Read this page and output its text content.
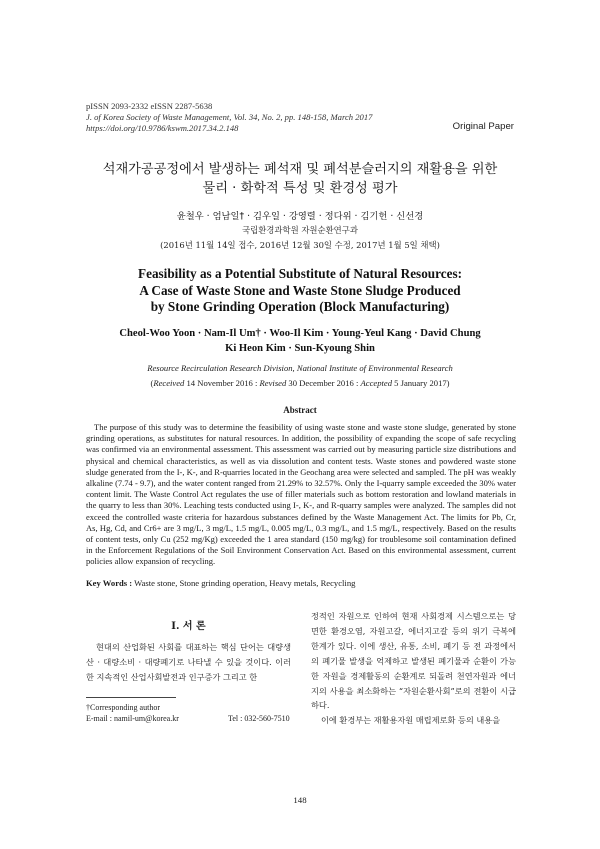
pISSN 2093-2332 eISSN 2287-5638
J. of Korea Society of Waste Management, Vol. 34, No. 2, pp. 148-158, March 2017
https://doi.org/10.9786/kswm.2017.34.2.148	Original Paper
석재가공공정에서 발생하는 폐석재 및 폐석분슬러지의 재활용을 위한
물리 · 화학적 특성 및 환경성 평가
윤철우 · 엄남일† · 김우일 · 강영렬 · 정다위 · 김기헌 · 신선경
국립환경과학원 자원순환연구과
(2016년 11월 14일 접수, 2016년 12월 30일 수정, 2017년 1월 5일 채택)
Feasibility as a Potential Substitute of Natural Resources:
A Case of Waste Stone and Waste Stone Sludge Produced
by Stone Grinding Operation (Block Manufacturing)
Cheol-Woo Yoon · Nam-Il Um† · Woo-Il Kim · Young-Yeul Kang · David Chung
Ki Heon Kim · Sun-Kyoung Shin
Resource Recirculation Research Division, National Institute of Environmental Research
(Received 14 November 2016 : Revised 30 December 2016 : Accepted 5 January 2017)
Abstract
The purpose of this study was to determine the feasibility of using waste stone and waste stone sludge, generated by stone grinding operations, as substitutes for natural resources. In addition, the possibility of expanding the scope of safe recycling was confirmed via an environmental assessment. This assessment was carried out by measuring particle size distributions and physical and chemical characteristics, as well as via dissolution and content tests. Waste stones and powdered waste stone sludge generated from the I-, K-, and R-quarries located in the Geochang area were selected and sampled. The pH was weakly alkaline (7.74 - 9.7), and the water content ranged from 21.29% to 32.57%. Only the I-quarry sample exceeded the 30% water content limit. The Waste Control Act regulates the use of filler materials such as bottom restoration and lowland materials in the quarry to less than 30%. Leaching tests conducted using I-, K-, and R-quarry samples were analyzed. The samples did not exceed the controlled waste criteria for hazardous substances defined by the Waste Management Act. The limits for Pb, Cr, As, Hg, Cd, and Cr6+ are 3 mg/L, 3 mg/L, 1.5 mg/L, 0.005 mg/L, 0.3 mg/L, and 1.5 mg/L, respectively. Based on the results of content tests, only Cu (252 mg/Kg) exceeded the 1 area standard (150 mg/kg) for troublesome soil contamination defined in the Enforcement Regulations of the Soil Environment Conservation Act. Based on this environmental assessment, current policies allow expansion of recycling.
Key Words : Waste stone, Stone grinding operation, Heavy metals, Recycling
I. 서 론
현대의 산업화된 사회를 대표하는 핵심 단어는 대량생산 · 대량소비 · 대량폐기로 나타낼 수 있을 것이다. 이러한 지속적인 산업사회발전과 인구증가 그리고 한
정적인 자원으로 인하여 현재 사회경제 시스템으로는 당면한 환경오염, 자원고갈, 에너지고갈 등의 위기 극복에 한계가 있다. 이에 생산, 유통, 소비, 폐기 등 전 과정에서의 폐기물 발생을 억제하고 발생된 폐기물과 순환이 가능한 자원을 경제활동의 순환계로 되돌려 천연자원과 에너지의 사용을 최소화하는 “자원순환사회”로의 전환이 시급하다.
이에 환경부는 재활용자원 매립제로화 등의 내용을
†Corresponding author
E-mail : namil-um@korea.kr	Tel : 032-560-7510
148
